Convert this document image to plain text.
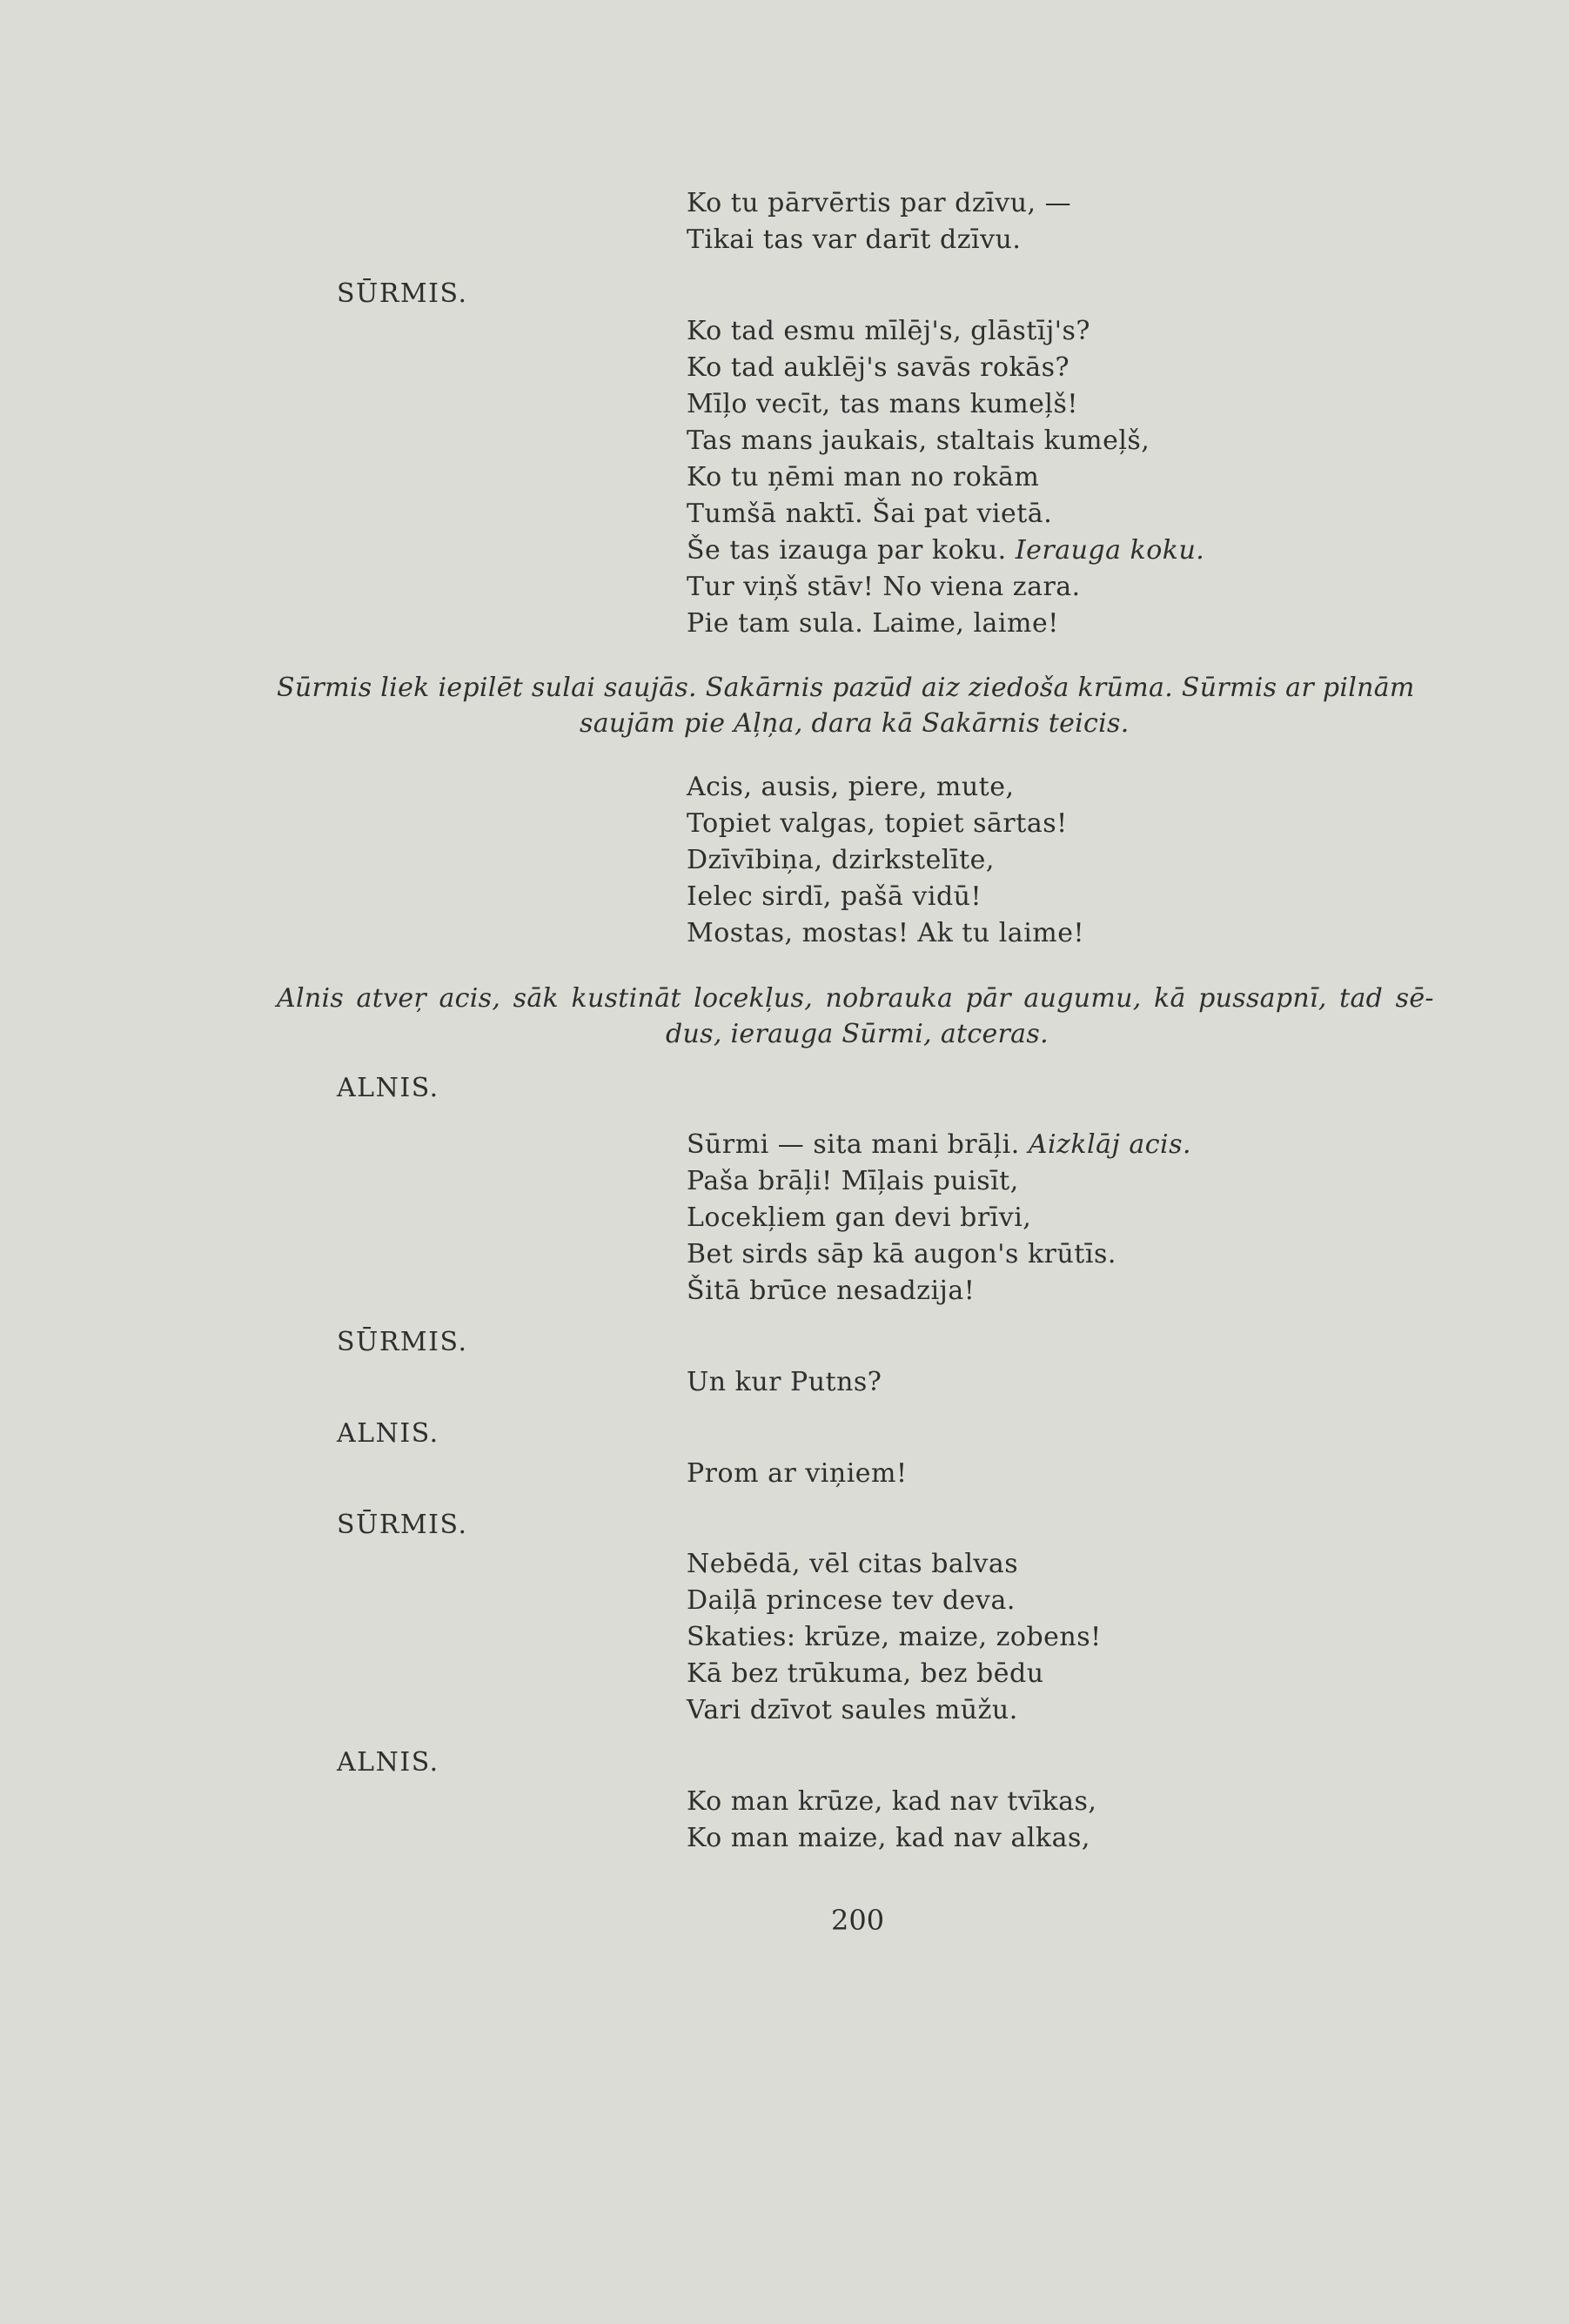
Ko tu pārvērtis par dzīvu, —
Tikai tas var darīt dzīvu.
SŪRMIS.
Ko tad esmu mīlēj's, glāstīj's?
Ko tad auklēj's savās rokās?
Mīļo vecīt, tas mans kumeļš!
Tas mans jaukais, staltais kumeļš,
Ko tu ņēmi man no rokām
Tumšā naktī. Šai pat vietā.
Še tas izauga par koku. Ierauga koku.
Tur viņš stāv! No viena zara.
Pie tam sula. Laime, laime!
Sūrmis liek iepilēt sulai saujās. Sakārnis pazūd aiz ziedoša krūma. Sūrmis ar pilnām
saujām pie Aļņa, dara kā Sakārnis teicis.
Acis, ausis, piere, mute,
Topiet valgas, topiet sārtas!
Dzīvībiņa, dzirkstelīte,
Ielec sirdī, pašā vidū!
Mostas, mostas! Ak tu laime!
Alnis atveŗ acis, sāk kustināt locekļus, nobrauka pār augumu, kā pussapnī, tad sē-
dus, ierauga Sūrmi, atceras.
ALNIS.
Sūrmi — sita mani brāļi. Aizklāj acis.
Paša brāļi! Mīļais puisīt,
Locekļiem gan devi brīvi,
Bet sirds sāp kā augon's krūtīs.
Šitā brūce nesadzija!
SŪRMIS.
Un kur Putns?
ALNIS.
Prom ar viņiem!
SŪRMIS.
Nebēdā, vēl citas balvas
Daiļā princese tev deva.
Skaties: krūze, maize, zobens!
Kā bez trūkuma, bez bēdu
Vari dzīvot saules mūžu.
ALNIS.
Ko man krūze, kad nav tvīkas,
Ko man maize, kad nav alkas,
200
